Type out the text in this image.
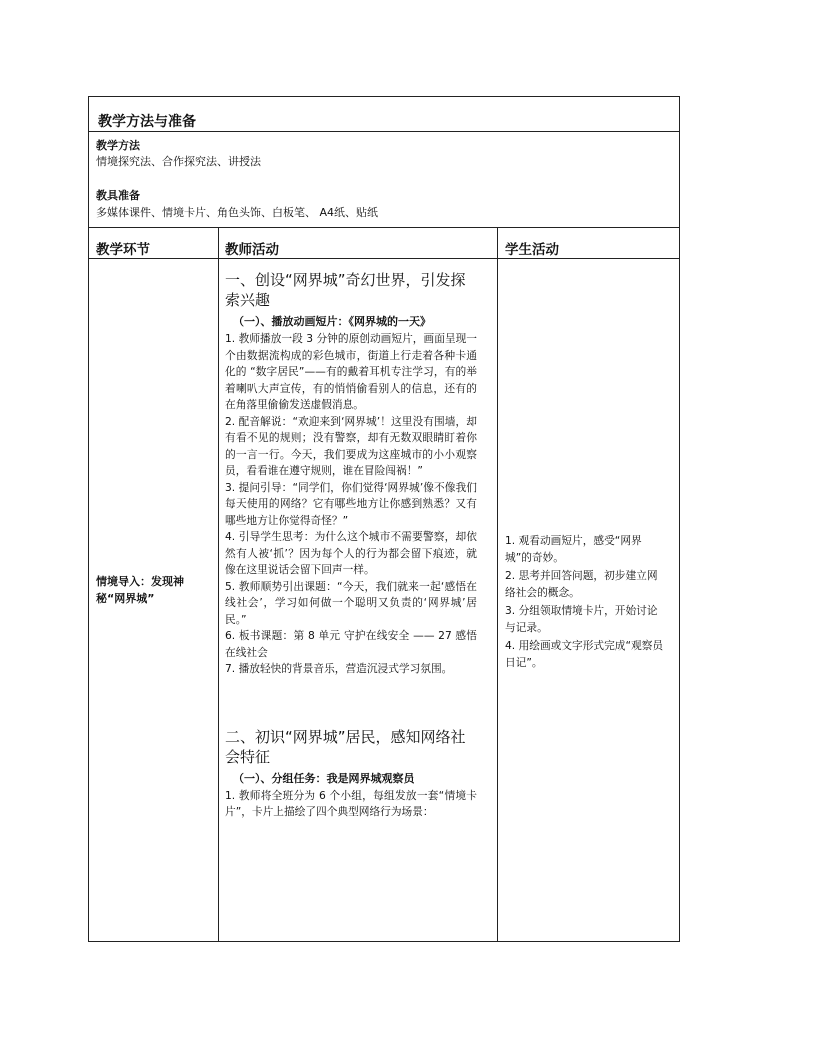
教学方法与准备
教学方法
情境探究法、合作探究法、讲授法
教具准备
多媒体课件、情境卡片、角色头饰、白板笔、 A4纸、贴纸
教学环节	教师活动	学生活动
情境导入：发现神秘“网界城”

一、创设“网界城”奇幻世界，引发探索兴趣

（一）、播放动画短片：《网界城的一天》

1. 教师播放一段 3 分钟的原创动画短片，画面呈现一个由数据流构成的彩色城市，街道上行走着各种卡通化的 “数字居民”——有的戴着耳机专注学习，有的举着喇叭大声宣传，有的悄悄偷看别人的信息，还有的在角落里偷偷发送虚假消息。

2. 配音解说：“欢迎来到‘网界城’！这里没有围墙，却有看不见的规则；没有警察，却有无数双眼睛盯着你的一言一行。今天，我们要成为这座城市的小小观察员，看看谁在遵守规则，谁在冒险闯祸！”

3. 提问引导：“同学们，你们觉得‘网界城’像不像我们每天使用的网络？它有哪些地方让你感到熟悉？又有哪些地方让你觉得奇怪？”

4. 引导学生思考：为什么这个城市不需要警察，却依然有人被‘抓’？因为每个人的行为都会留下痕迹，就像在这里说话会留下回声一样。

5. 教师顺势引出课题：“今天，我们就来一起‘感悟在线社会’，学习如何做一个聪明又负责的‘网界城’居民。”

6. 板书课题：第 8 单元 守护在线安全 —— 27 感悟在线社会

7. 播放轻快的背景音乐，营造沉浸式学习氛围。

二、初识“网界城”居民，感知网络社会特征

（一）、分组任务：我是网界城观察员

1. 教师将全班分为 6 个小组，每组发放一套“情境卡片”，卡片上描绘了四个典型网络行为场景：

1. 观看动画短片，感受“网界城”的奇妙。

2. 思考并回答问题，初步建立网络社会的概念。

3. 分组领取情境卡片，开始讨论与记录。

4. 用绘画或文字形式完成“观察员日记”。
